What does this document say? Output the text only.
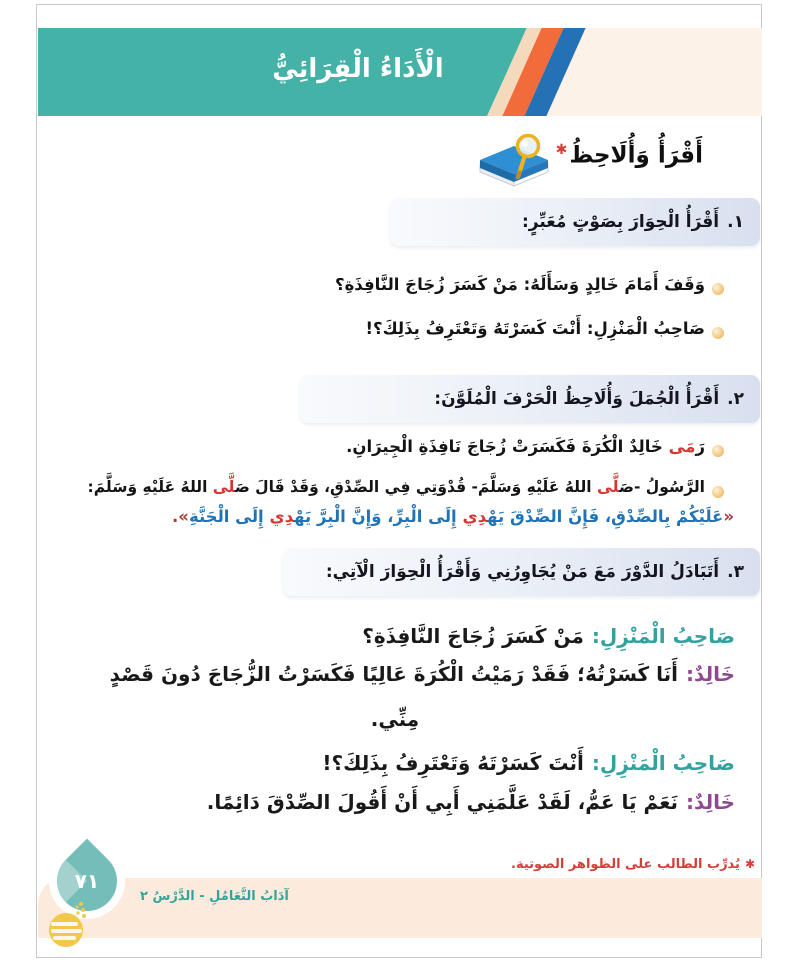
الْأَدَاءُ الْقِرَائِيُّ
أَقْرَأُ وَأُلَاحِظُ✱
١.
أَقْرَأُ الْحِوَارَ بِصَوْتٍ مُعَبِّرٍ:
٢.
أَقْرَأُ الْجُمَلَ وَأُلَاحِظُ الْحَرْفَ الْمُلَوَّنَ:
٣.
أَتَبَادَلُ الدَّوْرَ مَعَ مَنْ يُجَاوِرُنِي وَأَقْرَأُ الْحِوَارَ الْآتِي:
وَقَفَ أَمَامَ خَالِدٍ وَسَأَلَهُ: مَنْ كَسَرَ زُجَاجَ النَّافِذَةِ؟
صَاحِبُ الْمَنْزِلِ: أَنْتَ كَسَرْتَهُ وَتَعْتَرِفُ بِذَلِكَ؟!
رَمَى خَالِدٌ الْكُرَةَ فَكَسَرَتْ زُجَاجَ نَافِذَةِ الْجِيرَانِ.
الرَّسُولُ -صَ‍‍لَّى اللهُ عَلَيْهِ وَسَلَّمَ- قُدْوَتِي فِي الصِّدْقِ، وَقَدْ قَالَ صَ‍‍لَّى اللهُ عَلَيْهِ وَسَلَّمَ:
«عَلَيْكُمْ بِالصِّدْقِ، فَإِنَّ الصِّدْقَ يَهْ‍‍دِي إِلَى الْبِرِّ، وَإِنَّ الْبِرَّ يَهْ‍‍دِي إِلَى الْجَنَّةِ».
صَاحِبُ الْمَنْزِلِ:مَنْ كَسَرَ زُجَاجَ النَّافِذَةِ؟
خَالِدٌ:أَنَا كَسَرْتُهُ؛ فَقَدْ رَمَيْتُ الْكُرَةَ عَالِيًا فَكَسَرْتُ الزُّجَاجَ دُونَ قَصْدٍ
مِنِّي.
صَاحِبُ الْمَنْزِلِ:أَنْتَ كَسَرْتَهُ وَتَعْتَرِفُ بِذَلِكَ؟!
خَالِدٌ:نَعَمْ يَا عَمُّ، لَقَدْ عَلَّمَنِي أَبِي أَنْ أَقُولَ الصِّدْقَ دَائِمًا.
✱يُدرِّب الطالب على الظواهر الصوتية.
آدَابُ التَّعَامُلِ - الدَّرْسُ ٢
٧١
